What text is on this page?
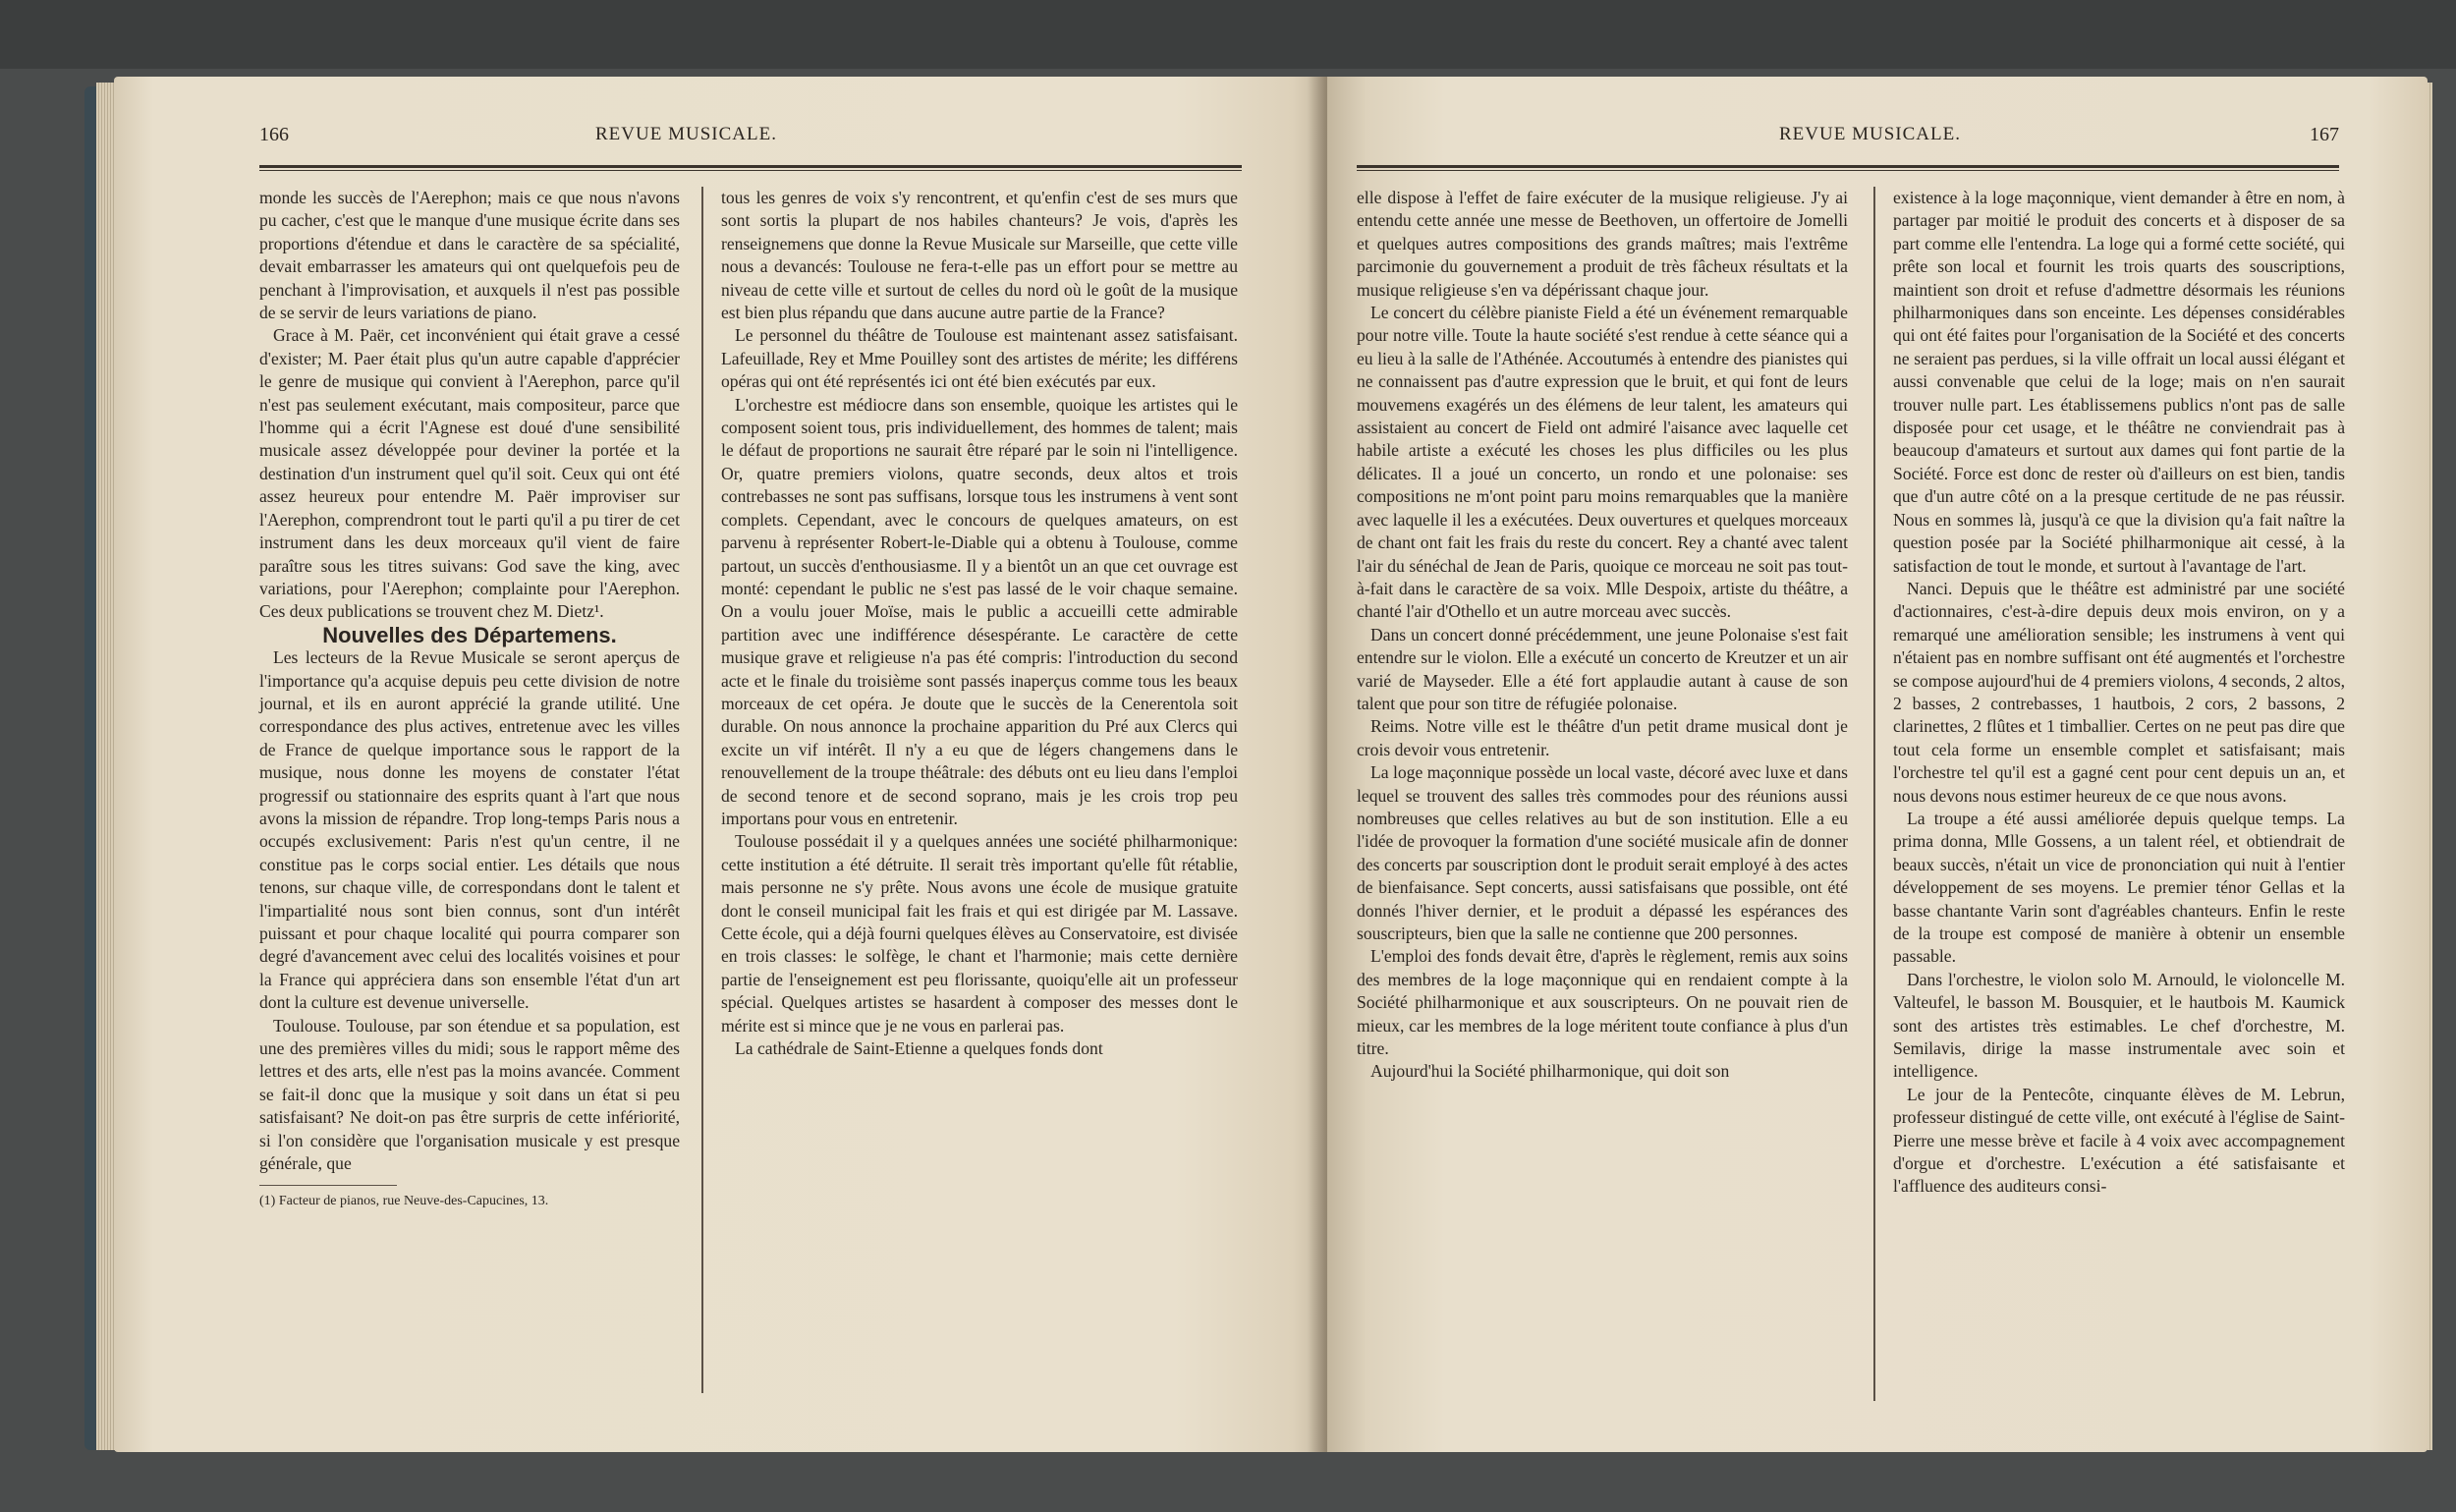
166	REVUE MUSICALE.

monde les succès de l'Aerephon; mais ce que nous n'avons pu cacher, c'est que le manque d'une musique écrite dans ses proportions d'étendue et dans le caractère de sa spécialité, devait embarrasser les amateurs qui ont quelquefois peu de penchant à l'improvisation, et auxquels il n'est pas possible de se servir de leurs variations de piano.

Grace à M. Paër, cet inconvénient qui était grave a cessé d'exister; M. Paer était plus qu'un autre capable d'apprécier le genre de musique qui convient à l'Aerephon, parce qu'il n'est pas seulement exécutant, mais compositeur, parce que l'homme qui a écrit l'Agnese est doué d'une sensibilité musicale assez développée pour deviner la portée et la destination d'un instrument quel qu'il soit. Ceux qui ont été assez heureux pour entendre M. Paër improviser sur l'Aerephon, comprendront tout le parti qu'il a pu tirer de cet instrument dans les deux morceaux qu'il vient de faire paraître sous les titres suivans: God save the king, avec variations, pour l'Aerephon; complainte pour l'Aerephon. Ces deux publications se trouvent chez M. Dietz¹.

Nouvelles des Départemens.

Les lecteurs de la Revue Musicale se seront aperçus de l'importance qu'a acquise depuis peu cette division de notre journal, et ils en auront apprécié la grande utilité. Une correspondance des plus actives, entretenue avec les villes de France de quelque importance sous le rapport de la musique, nous donne les moyens de constater l'état progressif ou stationnaire des esprits quant à l'art que nous avons la mission de répandre. Trop long-temps Paris nous a occupés exclusivement: Paris n'est qu'un centre, il ne constitue pas le corps social entier. Les détails que nous tenons, sur chaque ville, de correspondans dont le talent et l'impartialité nous sont bien connus, sont d'un intérêt puissant et pour chaque localité qui pourra comparer son degré d'avancement avec celui des localités voisines et pour la France qui appréciera dans son ensemble l'état d'un art dont la culture est devenue universelle.

Toulouse. Toulouse, par son étendue et sa population, est une des premières villes du midi; sous le rapport même des lettres et des arts, elle n'est pas la moins avancée. Comment se fait-il donc que la musique y soit dans un état si peu satisfaisant? Ne doit-on pas être surpris de cette infériorité, si l'on considère que l'organisation musicale y est presque générale, que

(1) Facteur de pianos, rue Neuve-des-Capucines, 13.

tous les genres de voix s'y rencontrent, et qu'enfin c'est de ses murs que sont sortis la plupart de nos habiles chanteurs? Je vois, d'après les renseignemens que donne la Revue Musicale sur Marseille, que cette ville nous a devancés: Toulouse ne fera-t-elle pas un effort pour se mettre au niveau de cette ville et surtout de celles du nord où le goût de la musique est bien plus répandu que dans aucune autre partie de la France?

Le personnel du théâtre de Toulouse est maintenant assez satisfaisant. Lafeuillade, Rey et Mme Pouilley sont des artistes de mérite; les différens opéras qui ont été représentés ici ont été bien exécutés par eux.

L'orchestre est médiocre dans son ensemble, quoique les artistes qui le composent soient tous, pris individuellement, des hommes de talent; mais le défaut de proportions ne saurait être réparé par le soin ni l'intelligence. Or, quatre premiers violons, quatre seconds, deux altos et trois contrebasses ne sont pas suffisans, lorsque tous les instrumens à vent sont complets. Cependant, avec le concours de quelques amateurs, on est parvenu à représenter Robert-le-Diable qui a obtenu à Toulouse, comme partout, un succès d'enthousiasme. Il y a bientôt un an que cet ouvrage est monté: cependant le public ne s'est pas lassé de le voir chaque semaine. On a voulu jouer Moïse, mais le public a accueilli cette admirable partition avec une indifférence désespérante. Le caractère de cette musique grave et religieuse n'a pas été compris: l'introduction du second acte et le finale du troisième sont passés inaperçus comme tous les beaux morceaux de cet opéra. Je doute que le succès de la Cenerentola soit durable. On nous annonce la prochaine apparition du Pré aux Clercs qui excite un vif intérêt. Il n'y a eu que de légers changemens dans le renouvellement de la troupe théâtrale: des débuts ont eu lieu dans l'emploi de second tenore et de second soprano, mais je les crois trop peu importans pour vous en entretenir.

Toulouse possédait il y a quelques années une société philharmonique: cette institution a été détruite. Il serait très important qu'elle fût rétablie, mais personne ne s'y prête. Nous avons une école de musique gratuite dont le conseil municipal fait les frais et qui est dirigée par M. Lassave. Cette école, qui a déjà fourni quelques élèves au Conservatoire, est divisée en trois classes: le solfège, le chant et l'harmonie; mais cette dernière partie de l'enseignement est peu florissante, quoiqu'elle ait un professeur spécial. Quelques artistes se hasardent à composer des messes dont le mérite est si mince que je ne vous en parlerai pas.

La cathédrale de Saint-Etienne a quelques fonds dont

REVUE MUSICALE.	167

elle dispose à l'effet de faire exécuter de la musique religieuse. J'y ai entendu cette année une messe de Beethoven, un offertoire de Jomelli et quelques autres compositions des grands maîtres; mais l'extrême parcimonie du gouvernement a produit de très fâcheux résultats et la musique religieuse s'en va dépérissant chaque jour.

Le concert du célèbre pianiste Field a été un événement remarquable pour notre ville. Toute la haute société s'est rendue à cette séance qui a eu lieu à la salle de l'Athénée. Accoutumés à entendre des pianistes qui ne connaissent pas d'autre expression que le bruit, et qui font de leurs mouvemens exagérés un des élémens de leur talent, les amateurs qui assistaient au concert de Field ont admiré l'aisance avec laquelle cet habile artiste a exécuté les choses les plus difficiles ou les plus délicates. Il a joué un concerto, un rondo et une polonaise: ses compositions ne m'ont point paru moins remarquables que la manière avec laquelle il les a exécutées. Deux ouvertures et quelques morceaux de chant ont fait les frais du reste du concert. Rey a chanté avec talent l'air du sénéchal de Jean de Paris, quoique ce morceau ne soit pas tout-à-fait dans le caractère de sa voix. Mlle Despoix, artiste du théâtre, a chanté l'air d'Othello et un autre morceau avec succès.

Dans un concert donné précédemment, une jeune Polonaise s'est fait entendre sur le violon. Elle a exécuté un concerto de Kreutzer et un air varié de Mayseder. Elle a été fort applaudie autant à cause de son talent que pour son titre de réfugiée polonaise.

Reims. Notre ville est le théâtre d'un petit drame musical dont je crois devoir vous entretenir.

La loge maçonnique possède un local vaste, décoré avec luxe et dans lequel se trouvent des salles très commodes pour des réunions aussi nombreuses que celles relatives au but de son institution. Elle a eu l'idée de provoquer la formation d'une société musicale afin de donner des concerts par souscription dont le produit serait employé à des actes de bienfaisance. Sept concerts, aussi satisfaisans que possible, ont été donnés l'hiver dernier, et le produit a dépassé les espérances des souscripteurs, bien que la salle ne contienne que 200 personnes.

L'emploi des fonds devait être, d'après le règlement, remis aux soins des membres de la loge maçonnique qui en rendaient compte à la Société philharmonique et aux souscripteurs. On ne pouvait rien de mieux, car les membres de la loge méritent toute confiance à plus d'un titre.

Aujourd'hui la Société philharmonique, qui doit son

existence à la loge maçonnique, vient demander à être en nom, à partager par moitié le produit des concerts et à disposer de sa part comme elle l'entendra. La loge qui a formé cette société, qui prête son local et fournit les trois quarts des souscriptions, maintient son droit et refuse d'admettre désormais les réunions philharmoniques dans son enceinte. Les dépenses considérables qui ont été faites pour l'organisation de la Société et des concerts ne seraient pas perdues, si la ville offrait un local aussi élégant et aussi convenable que celui de la loge; mais on n'en saurait trouver nulle part. Les établissemens publics n'ont pas de salle disposée pour cet usage, et le théâtre ne conviendrait pas à beaucoup d'amateurs et surtout aux dames qui font partie de la Société. Force est donc de rester où d'ailleurs on est bien, tandis que d'un autre côté on a la presque certitude de ne pas réussir. Nous en sommes là, jusqu'à ce que la division qu'a fait naître la question posée par la Société philharmonique ait cessé, à la satisfaction de tout le monde, et surtout à l'avantage de l'art.

Nanci. Depuis que le théâtre est administré par une société d'actionnaires, c'est-à-dire depuis deux mois environ, on y a remarqué une amélioration sensible; les instrumens à vent qui n'étaient pas en nombre suffisant ont été augmentés et l'orchestre se compose aujourd'hui de 4 premiers violons, 4 seconds, 2 altos, 2 basses, 2 contrebasses, 1 hautbois, 2 cors, 2 bassons, 2 clarinettes, 2 flûtes et 1 timballier. Certes on ne peut pas dire que tout cela forme un ensemble complet et satisfaisant; mais l'orchestre tel qu'il est a gagné cent pour cent depuis un an, et nous devons nous estimer heureux de ce que nous avons.

La troupe a été aussi améliorée depuis quelque temps. La prima donna, Mlle Gossens, a un talent réel, et obtiendrait de beaux succès, n'était un vice de prononciation qui nuit à l'entier développement de ses moyens. Le premier ténor Gellas et la basse chantante Varin sont d'agréables chanteurs. Enfin le reste de la troupe est composé de manière à obtenir un ensemble passable.

Dans l'orchestre, le violon solo M. Arnould, le violoncelle M. Valteufel, le basson M. Bousquier, et le hautbois M. Kaumick sont des artistes très estimables. Le chef d'orchestre, M. Semilavis, dirige la masse instrumentale avec soin et intelligence.

Le jour de la Pentecôte, cinquante élèves de M. Lebrun, professeur distingué de cette ville, ont exécuté à l'église de Saint-Pierre une messe brève et facile à 4 voix avec accompagnement d'orgue et d'orchestre. L'exécution a été satisfaisante et l'affluence des auditeurs consi-
